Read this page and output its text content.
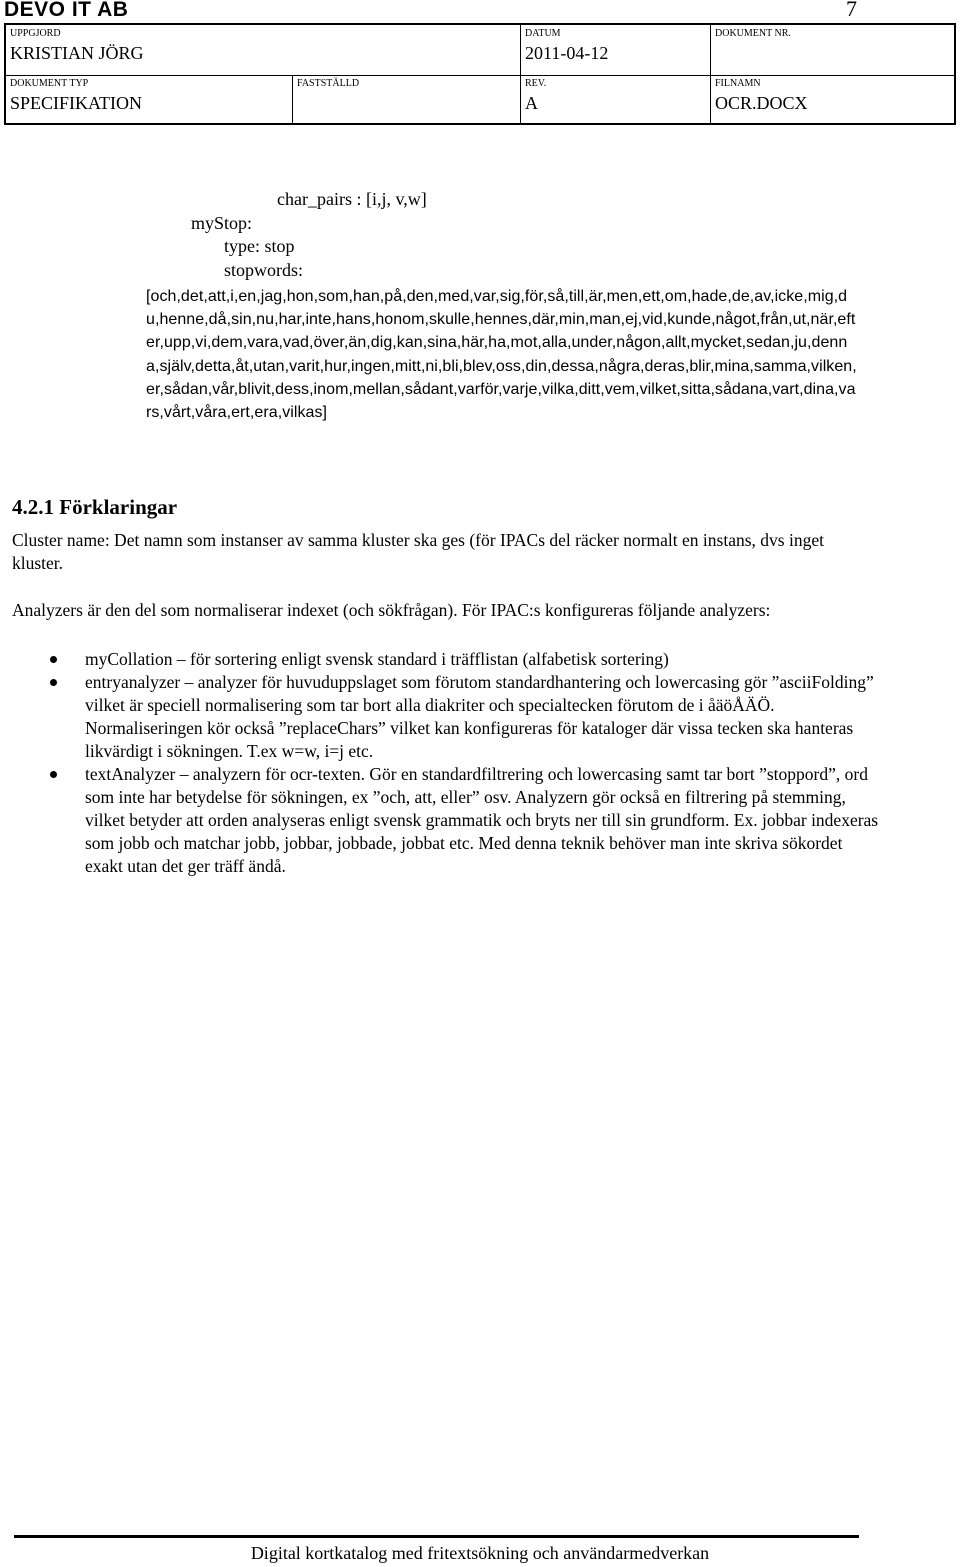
DEVO IT AB	7
UPPGJORD
KRISTIAN JÖRG
DATUM
2011-04-12
DOKUMENT NR.
DOKUMENT TYP
SPECIFIKATION
FASTSTÄLLD	REV.
A
FILNAMN
OCR.DOCX
char_pairs : [i,j, v,w]
myStop:
type: stop
stopwords:
[och,det,att,i,en,jag,hon,som,han,på,den,med,var,sig,för,så,till,är,men,ett,om,hade,de,av,icke,mig,du,henne,då,sin,nu,har,inte,hans,honom,skulle,hennes,där,min,man,ej,vid,kunde,något,från,ut,när,efter,upp,vi,dem,vara,vad,över,än,dig,kan,sina,här,ha,mot,alla,under,någon,allt,mycket,sedan,ju,denna,själv,detta,åt,utan,varit,hur,ingen,mitt,ni,bli,blev,oss,din,dessa,några,deras,blir,mina,samma,vilken,er,sådan,vår,blivit,dess,inom,mellan,sådant,varför,varje,vilka,ditt,vem,vilket,sitta,sådana,vart,dina,vars,vårt,våra,ert,era,vilkas]
4.2.1 Förklaringar
Cluster name: Det namn som instanser av samma kluster ska ges (för IPACs del räcker normalt en instans, dvs inget kluster.
Analyzers är den del som normaliserar indexet (och sökfrågan). För IPAC:s konfigureras följande analyzers:
myCollation – för sortering enligt svensk standard i träfflistan (alfabetisk sortering)
entryanalyzer – analyzer för huvuduppslaget som förutom standardhantering och lowercasing gör ”asciiFolding” vilket är speciell normalisering som tar bort alla diakriter och specialtecken förutom de i åäöÅÄÖ. Normaliseringen kör också ”replaceChars” vilket kan konfigureras för kataloger där vissa tecken ska hanteras likvärdigt i sökningen. T.ex w=w, i=j etc.
textAnalyzer – analyzern för ocr-texten. Gör en standardfiltrering och lowercasing samt tar bort ”stoppord”, ord som inte har betydelse för sökningen, ex ”och, att, eller” osv. Analyzern gör också en filtrering på stemming, vilket betyder att orden analyseras enligt svensk grammatik och bryts ner till sin grundform. Ex. jobbar indexeras som jobb och matchar jobb, jobbar, jobbade, jobbat etc. Med denna teknik behöver man inte skriva sökordet exakt utan det ger träff ändå.
Digital kortkatalog med fritextsökning och användarmedverkan
